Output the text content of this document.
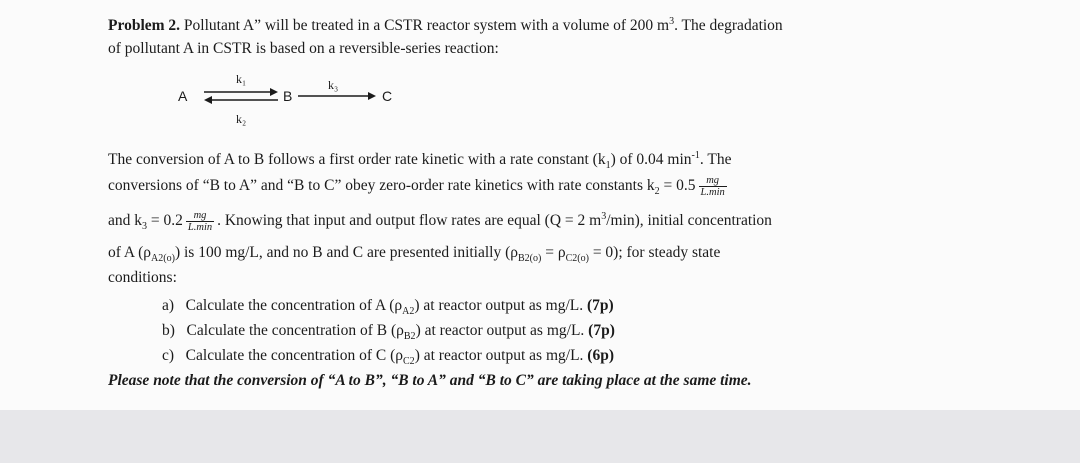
Problem 2. Pollutant A” will be treated in a CSTR reactor system with a volume of 200 $m^3$. The degradation
of pollutant A in CSTR is based on a reversible-series reaction:
A	B	C
k₁
k₂
k₃
The conversion of A to B follows a first order rate kinetic with a rate constant $(k_1)$ of 0.04 $\min^{-1}$. The
conversions of “B to A” and “B to C” obey zero-order rate kinetics with rate constants $k_2 = 0.5 \frac{mg}{L.\min}$
and $k_3 = 0.2 \frac{mg}{L.\min}$ . Knowing that input and output flow rates are equal (Q = 2 $m^3/\min$), initial concentration
of A $(\rho_{A2(o)})$ is 100 mg/L, and no B and C are presented initially $(\rho_{B2(o)} = \rho_{C2(o)} = 0)$; for steady state
conditions:
a) Calculate the concentration of A $(\rho_{A2})$ at reactor output as mg/L. (7p)
b) Calculate the concentration of B $(\rho_{B2})$ at reactor output as mg/L. (7p)
c) Calculate the concentration of C $(\rho_{C2})$ at reactor output as mg/L. (6p)
Please note that the conversion of “A to B”, “B to A” and “B to C” are taking place at the same time.
